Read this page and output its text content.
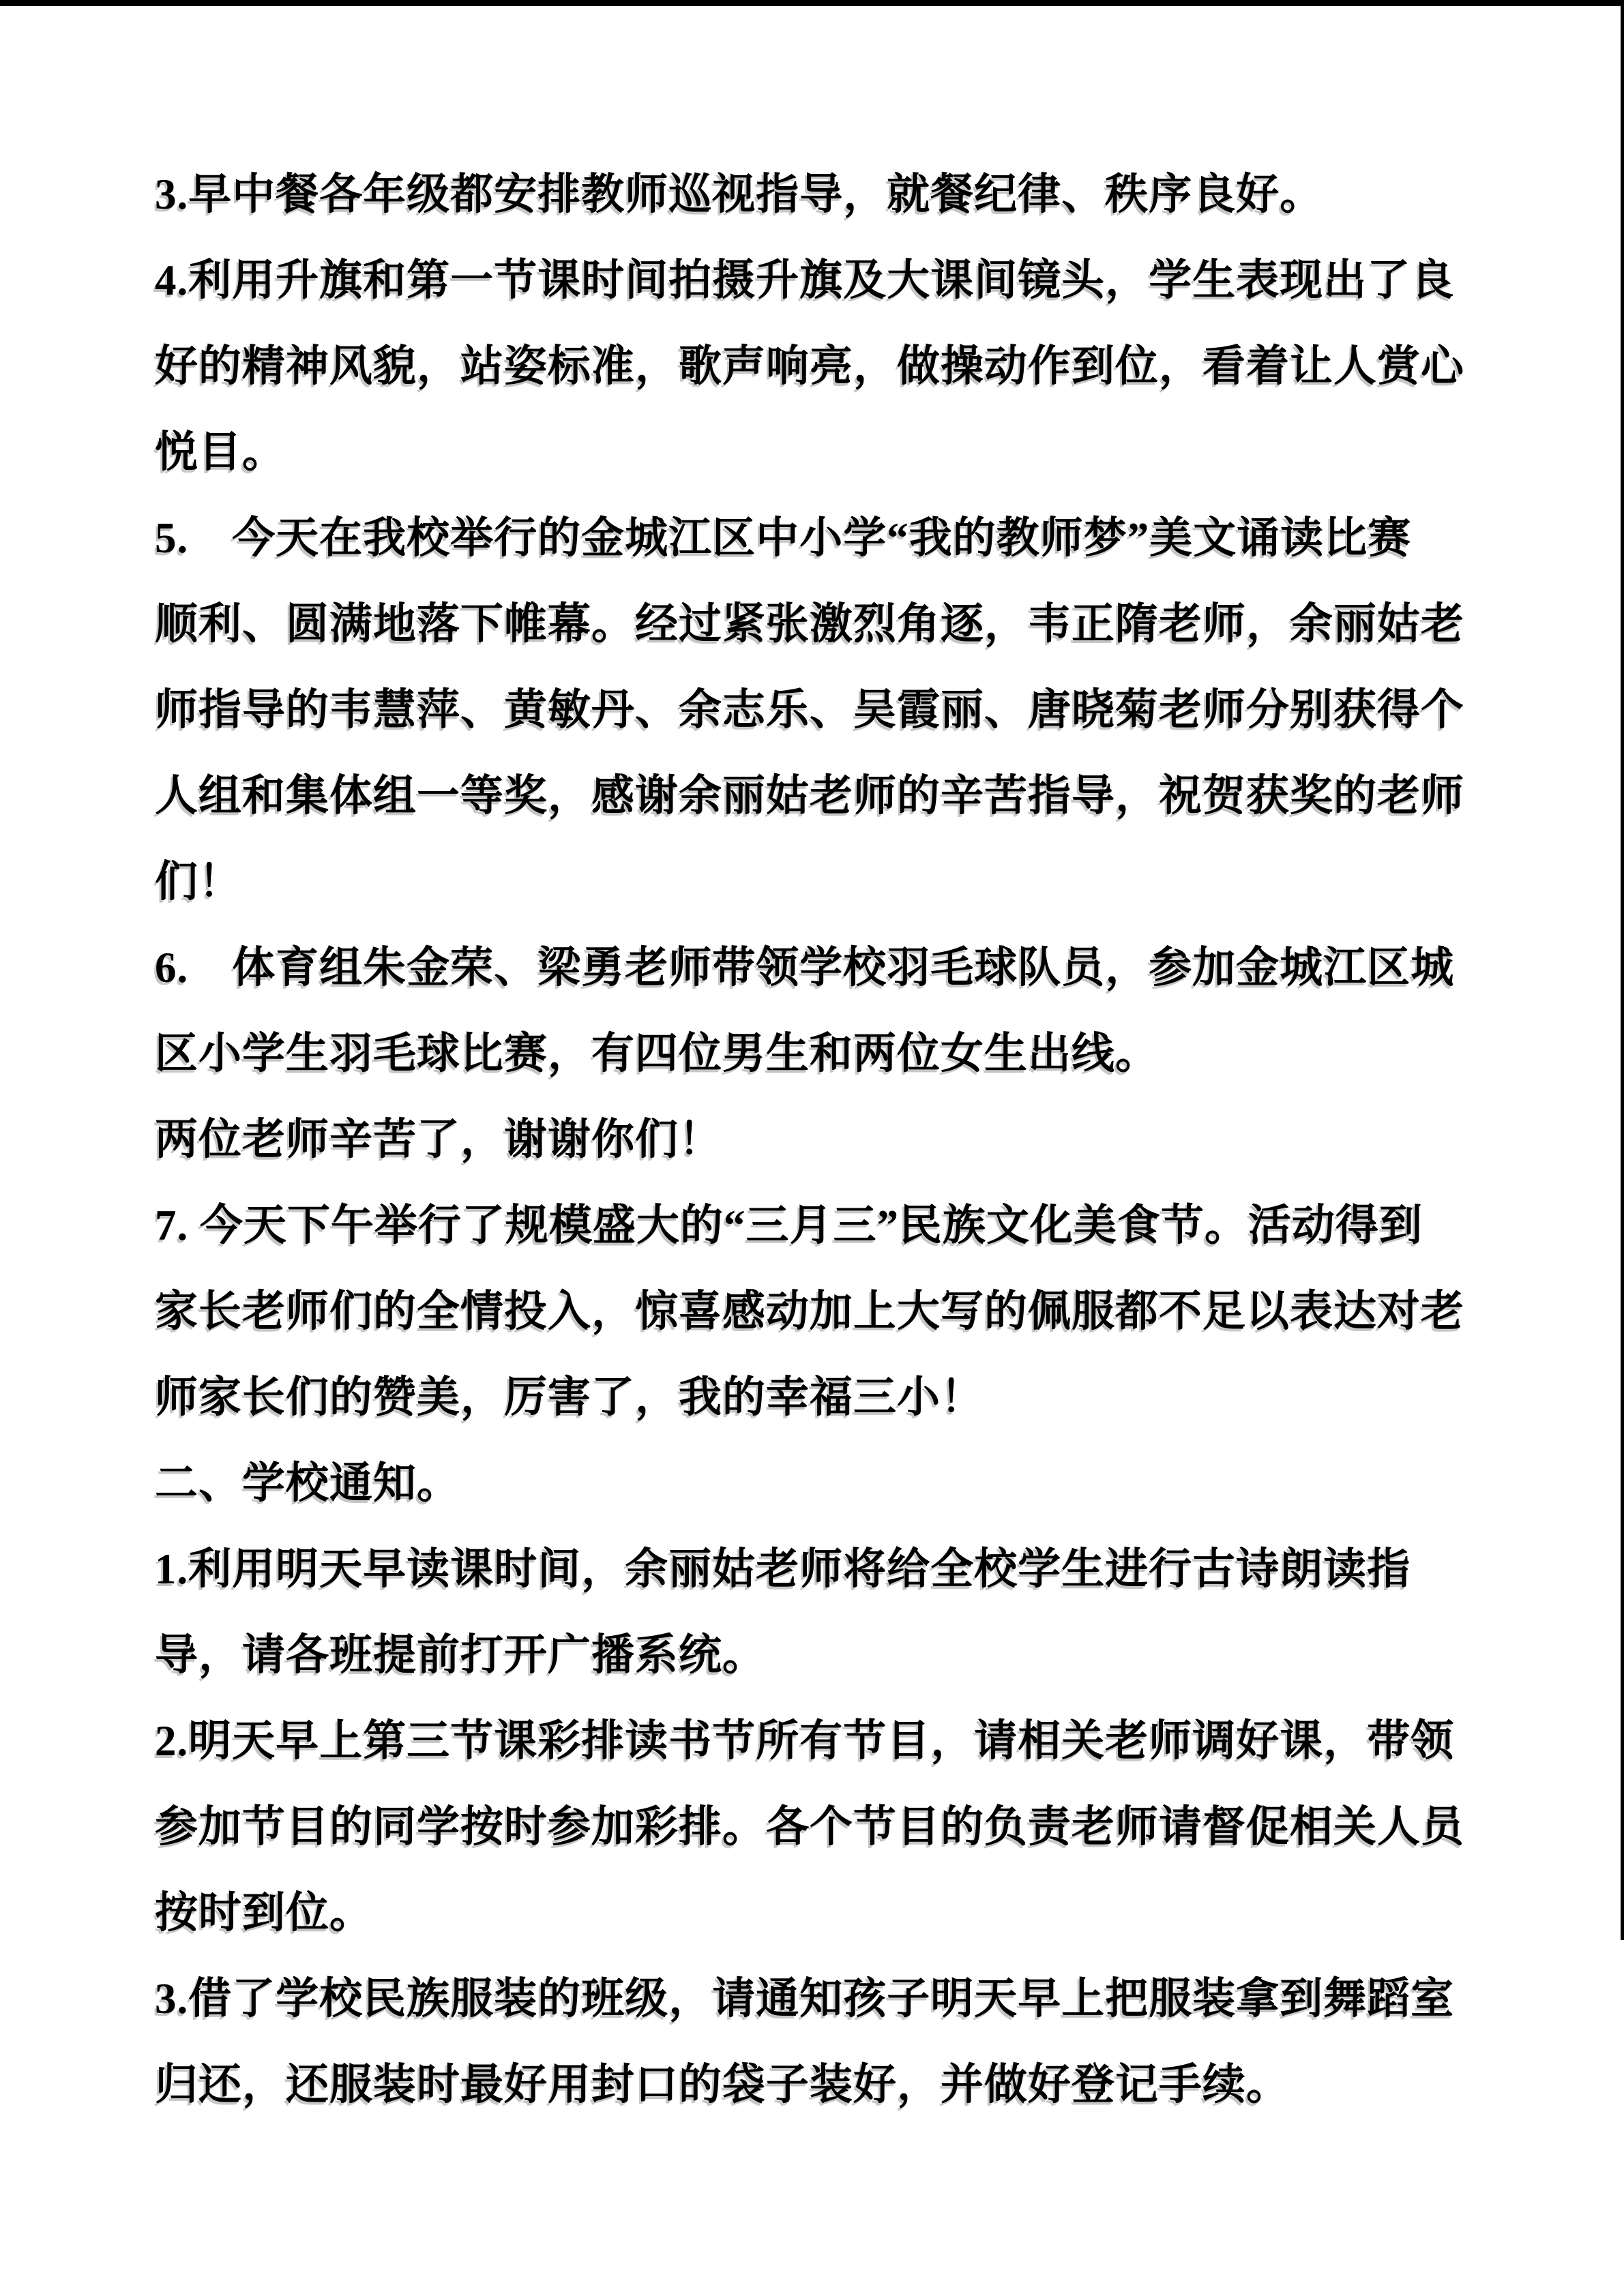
3.早中餐各年级都安排教师巡视指导，就餐纪律、秩序良好。
4.利用升旗和第一节课时间拍摄升旗及大课间镜头，学生表现出了良
好的精神风貌，站姿标准，歌声响亮，做操动作到位，看着让人赏心
悦目。
5.　今天在我校举行的金城江区中小学“我的教师梦”美文诵读比赛
顺利、圆满地落下帷幕。经过紧张激烈角逐，韦正隋老师，余丽姑老
师指导的韦慧萍、黄敏丹、余志乐、吴霞丽、唐晓菊老师分别获得个
人组和集体组一等奖，感谢余丽姑老师的辛苦指导，祝贺获奖的老师
们！
6.　体育组朱金荣、梁勇老师带领学校羽毛球队员，参加金城江区城
区小学生羽毛球比赛，有四位男生和两位女生出线。
两位老师辛苦了，谢谢你们！
7. 今天下午举行了规模盛大的“三月三”民族文化美食节。活动得到
家长老师们的全情投入，惊喜感动加上大写的佩服都不足以表达对老
师家长们的赞美，厉害了，我的幸福三小！
二、学校通知。
1.利用明天早读课时间，余丽姑老师将给全校学生进行古诗朗读指
导，请各班提前打开广播系统。
2.明天早上第三节课彩排读书节所有节目，请相关老师调好课，带领
参加节目的同学按时参加彩排。各个节目的负责老师请督促相关人员
按时到位。
3.借了学校民族服装的班级，请通知孩子明天早上把服装拿到舞蹈室
归还，还服装时最好用封口的袋子装好，并做好登记手续。
